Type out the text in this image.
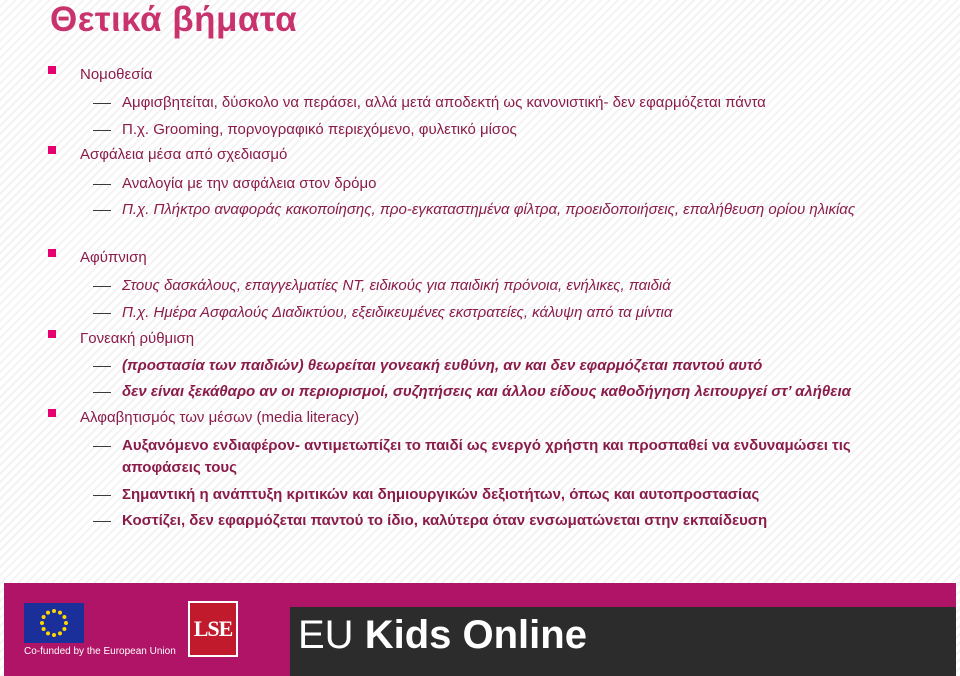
Θετικά βήματα
Νομοθεσία
Αμφισβητείται, δύσκολο να περάσει, αλλά μετά αποδεκτή ως κανονιστική- δεν εφαρμόζεται πάντα
Π.χ. Grooming, πορνογραφικό περιεχόμενο, φυλετικό μίσος
Ασφάλεια μέσα από σχεδιασμό
Αναλογία με την ασφάλεια στον δρόμο
Π.χ. Πλήκτρο αναφοράς κακοποίησης, προ-εγκαταστημένα φίλτρα, προειδοποιήσεις, επαλήθευση ορίου ηλικίας
Αφύπνιση
Στους δασκάλους, επαγγελματίες ΝΤ, ειδικούς για παιδική πρόνοια, ενήλικες, παιδιά
Π.χ. Ημέρα Ασφαλούς Διαδικτύου, εξειδικευμένες εκστρατείες, κάλυψη από τα μίντια
Γονεακή ρύθμιση
(προστασία των παιδιών) θεωρείται γονεακή ευθύνη, αν και δεν εφαρμόζεται παντού αυτό
δεν είναι ξεκάθαρο αν οι περιορισμοί, συζητήσεις και άλλου είδους καθοδήγηση λειτουργεί στ’ αλήθεια
Αλφαβητισμός των μέσων (media literacy)
Αυξανόμενο ενδιαφέρον- αντιμετωπίζει το παιδί ως ενεργό χρήστη και προσπαθεί να ενδυναμώσει τις αποφάσεις τους
Σημαντική η ανάπτυξη κριτικών και δημιουργικών δεξιοτήτων, όπως και αυτοπροστασίας
Κοστίζει, δεν εφαρμόζεται παντού το ίδιο, καλύτερα όταν ενσωματώνεται στην εκπαίδευση
Co-funded by the European Union
LSE EU Kids Online
